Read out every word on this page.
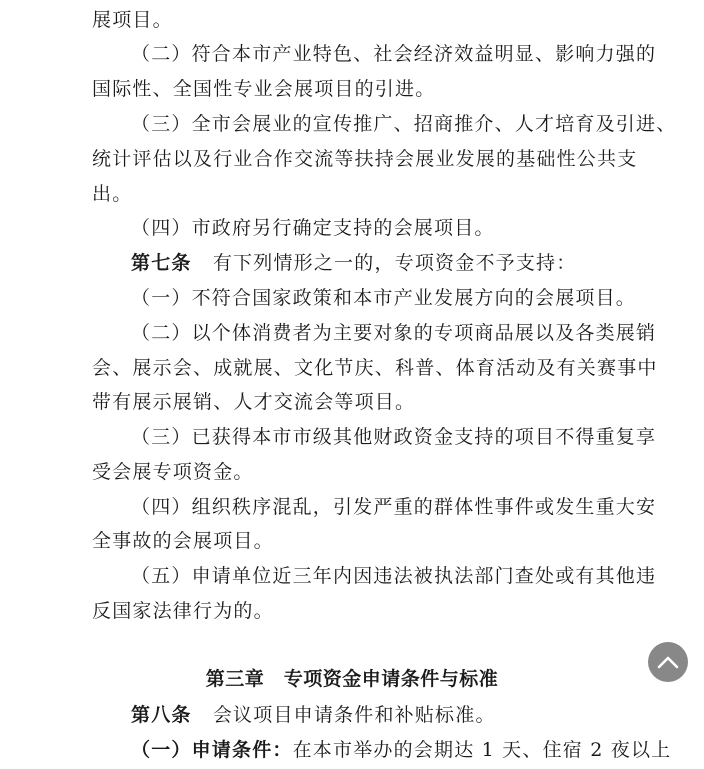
展项目。
（二）符合本市产业特色、社会经济效益明显、影响力强的
国际性、全国性专业会展项目的引进。
（三）全市会展业的宣传推广、招商推介、人才培育及引进、
统计评估以及行业合作交流等扶持会展业发展的基础性公共支
出。
（四）市政府另行确定支持的会展项目。
第七条 有下列情形之一的，专项资金不予支持：
（一）不符合国家政策和本市产业发展方向的会展项目。
（二）以个体消费者为主要对象的专项商品展以及各类展销
会、展示会、成就展、文化节庆、科普、体育活动及有关赛事中
带有展示展销、人才交流会等项目。
（三）已获得本市市级其他财政资金支持的项目不得重复享
受会展专项资金。
（四）组织秩序混乱，引发严重的群体性事件或发生重大安
全事故的会展项目。
（五）申请单位近三年内因违法被执法部门查处或有其他违
反国家法律行为的。
第三章　专项资金申请条件与标准
第八条 会议项目申请条件和补贴标准。
（一）申请条件：在本市举办的会期达 1 天、住宿 2 夜以上
